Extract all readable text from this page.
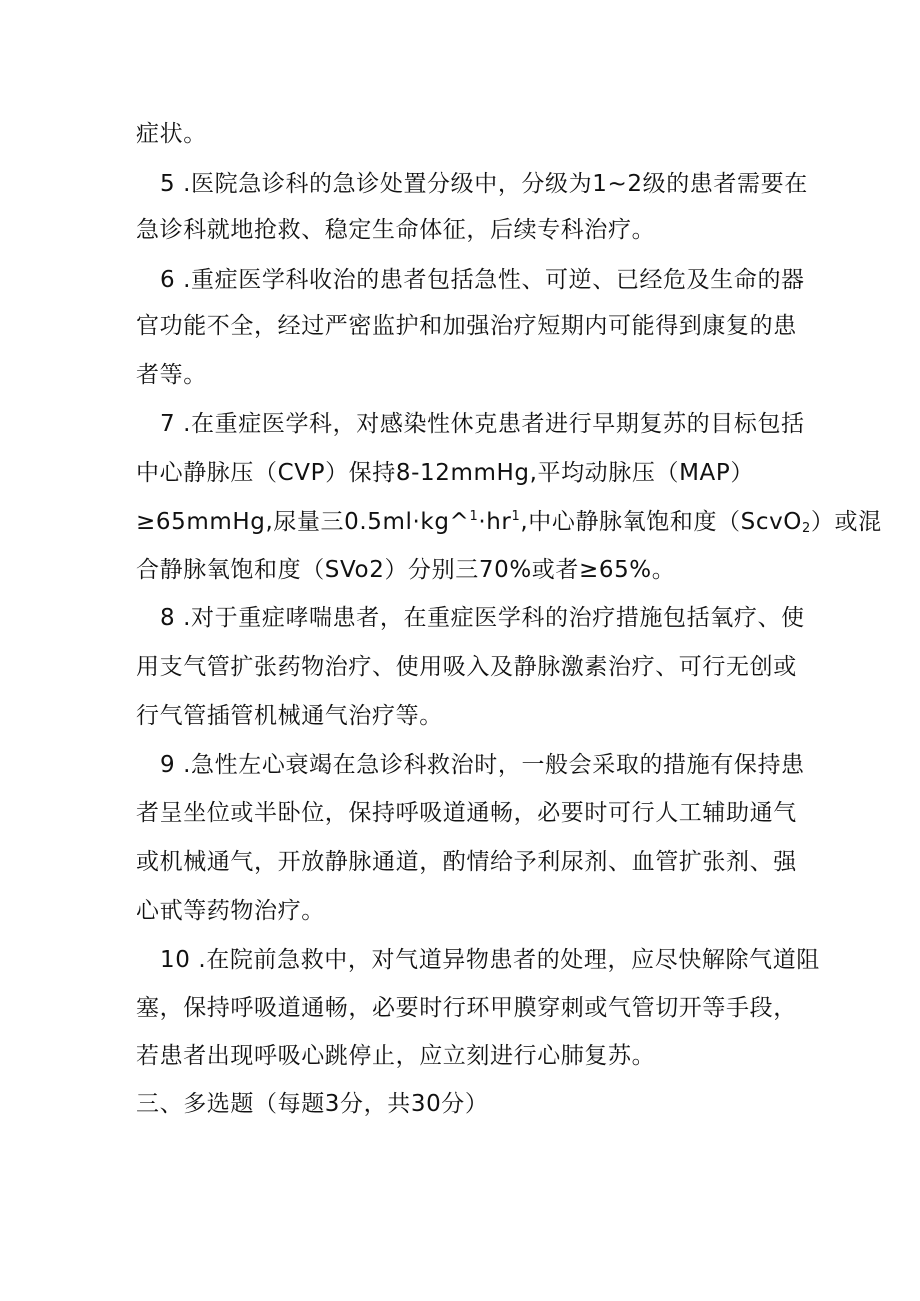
症状。
5 .医院急诊科的急诊处置分级中，分级为1~2级的患者需要在
急诊科就地抢救、稳定生命体征，后续专科治疗。
6 .重症医学科收治的患者包括急性、可逆、已经危及生命的器
官功能不全，经过严密监护和加强治疗短期内可能得到康复的患
者等。
7 .在重症医学科，对感染性休克患者进行早期复苏的目标包括
中心静脉压（CVP）保持8-12mmHg,平均动脉压（MAP）
≥65mmHg,尿量三$0.5ml\cdot kg\^{}^1\cdot hr^1$,中心静脉氧饱和度（ScvO$_2$）或混
合静脉氧饱和度（SVo2）分别三70%或者≥65%。
8 .对于重症哮喘患者，在重症医学科的治疗措施包括氧疗、使
用支气管扩张药物治疗、使用吸入及静脉激素治疗、可行无创或
行气管插管机械通气治疗等。
9 .急性左心衰竭在急诊科救治时，一般会采取的措施有保持患
者呈坐位或半卧位，保持呼吸道通畅，必要时可行人工辅助通气
或机械通气，开放静脉通道，酌情给予利尿剂、血管扩张剂、强
心甙等药物治疗。
10 .在院前急救中，对气道异物患者的处理，应尽快解除气道阻
塞，保持呼吸道通畅，必要时行环甲膜穿刺或气管切开等手段，
若患者出现呼吸心跳停止，应立刻进行心肺复苏。
三、多选题（每题3分，共30分）
